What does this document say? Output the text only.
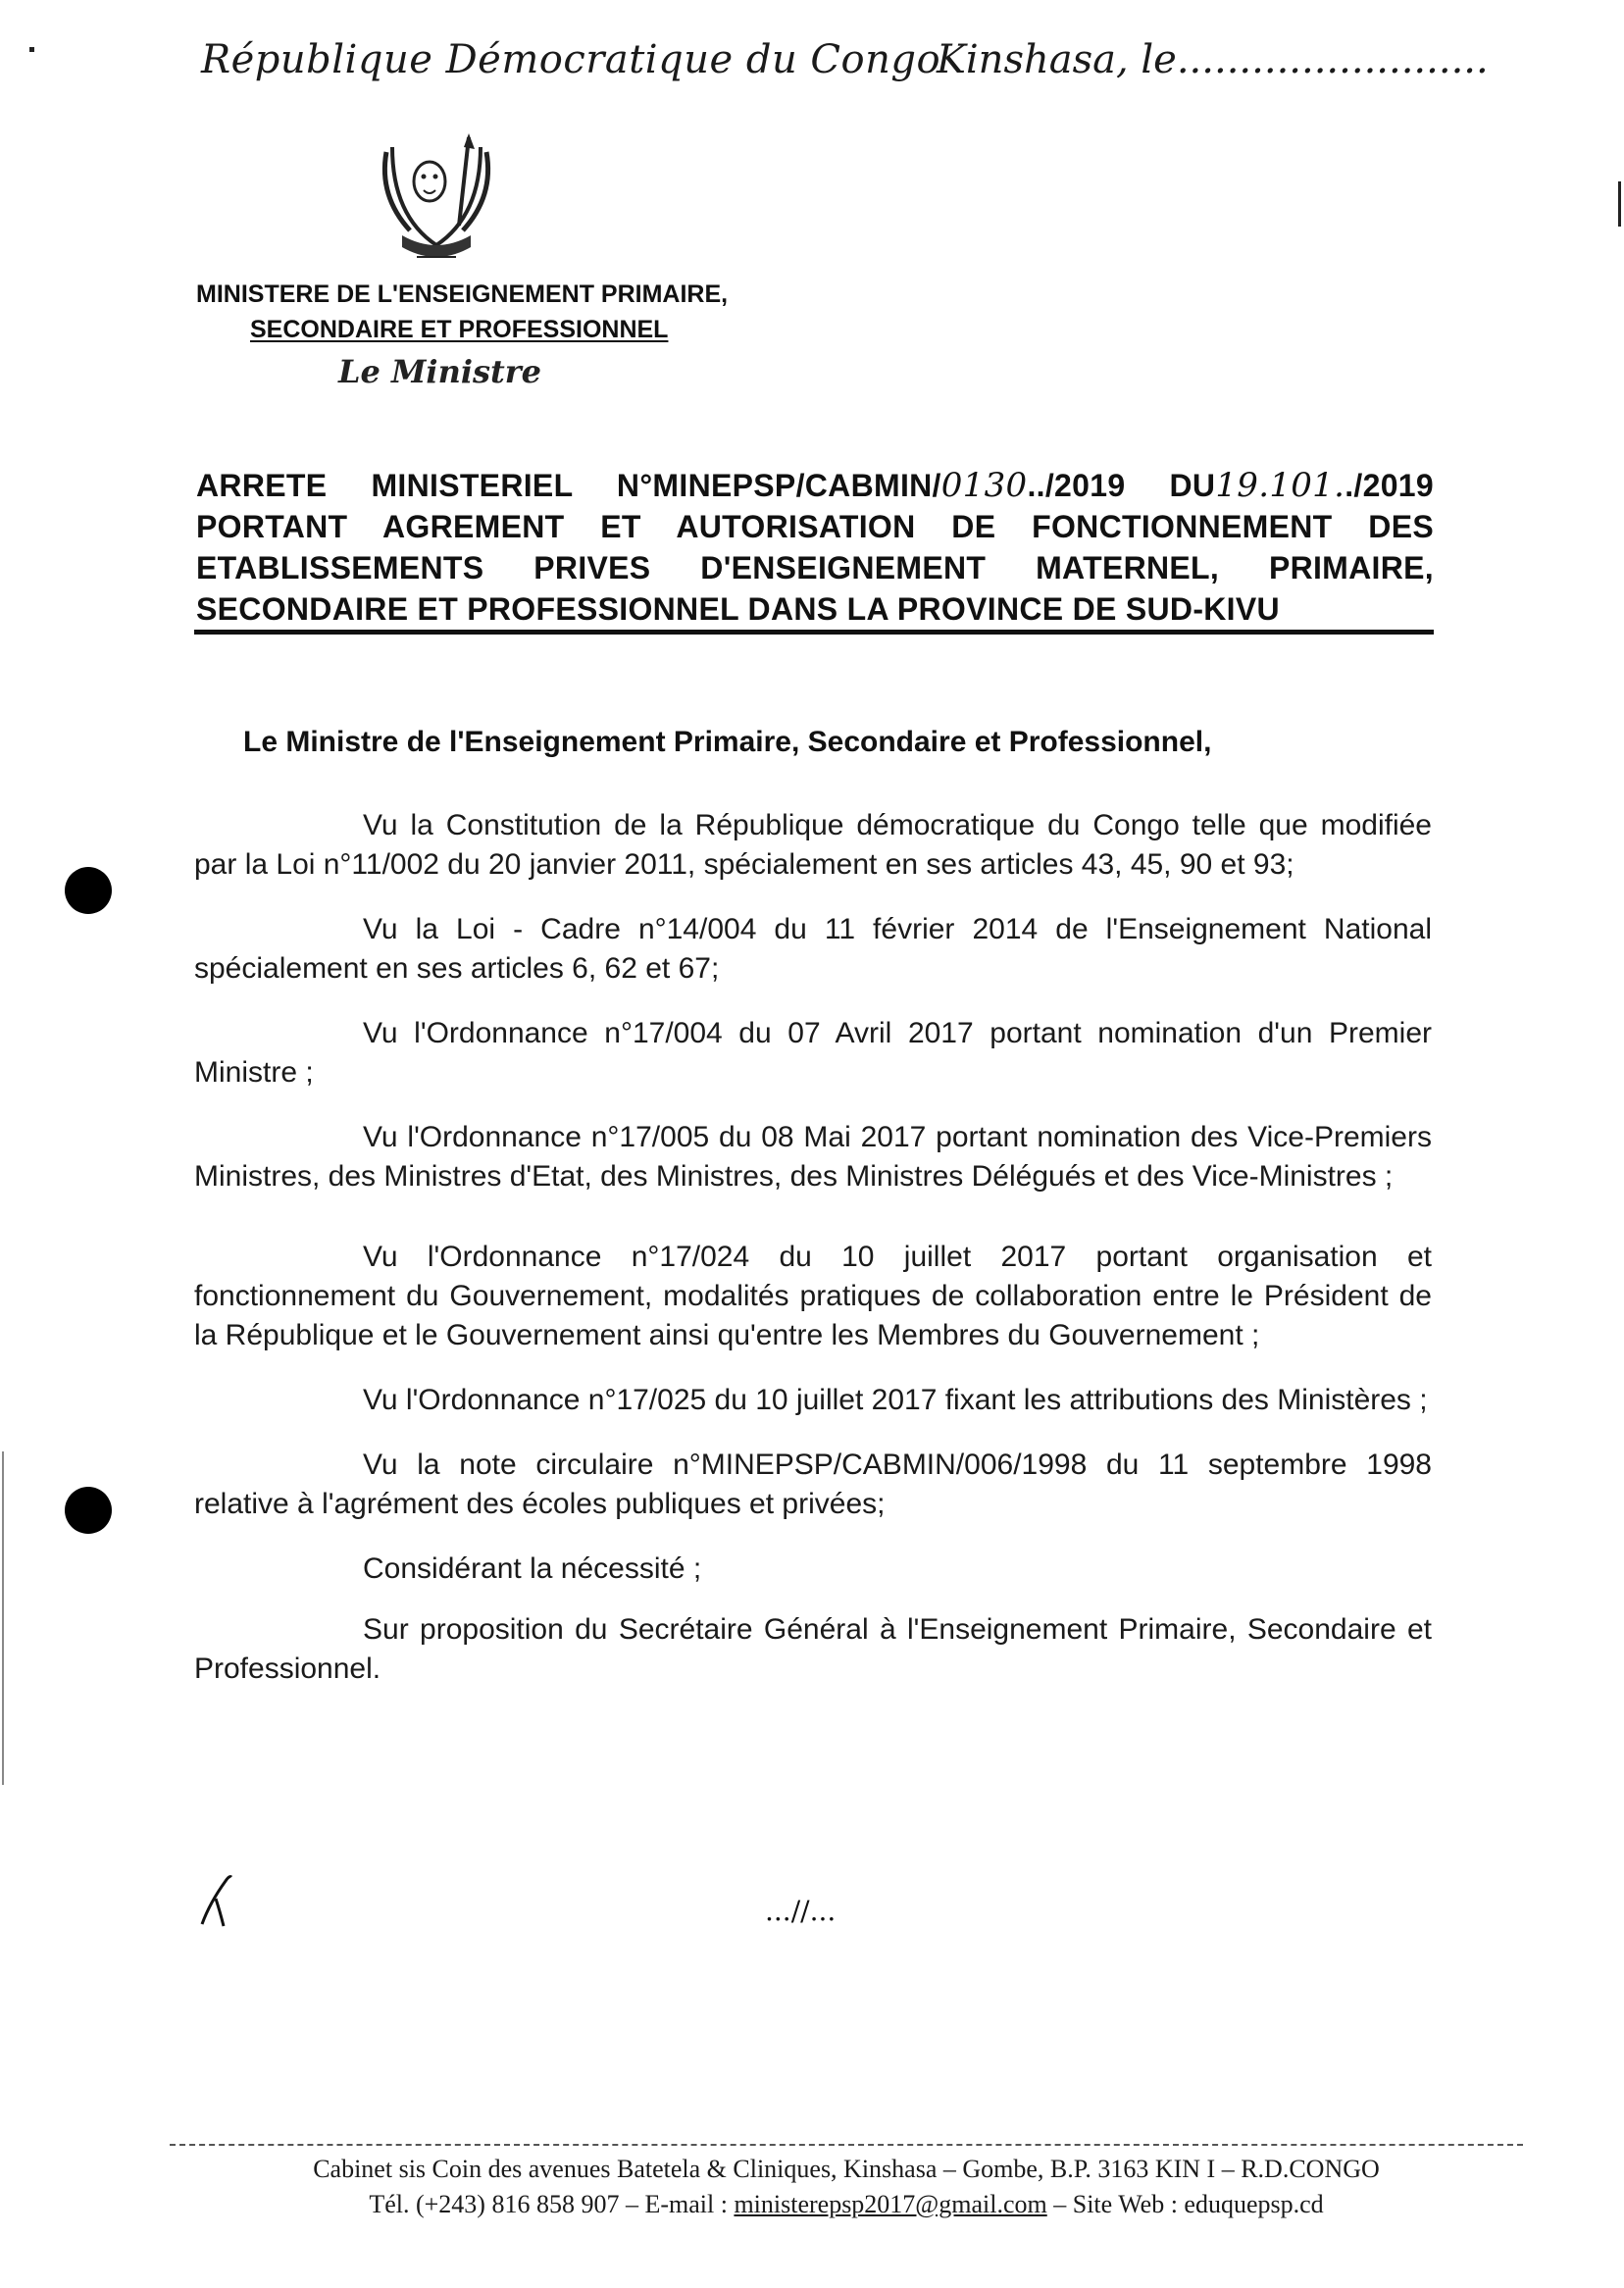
République Démocratique du Congo
Kinshasa, le.........................
MINISTERE DE L'ENSEIGNEMENT PRIMAIRE,
SECONDAIRE ET PROFESSIONNEL
Le Ministre
ARRETE MINISTERIEL N°MINEPSP/CABMIN/0130../2019 DU19.101../2019
PORTANT AGREMENT ET AUTORISATION DE FONCTIONNEMENT DES
ETABLISSEMENTS PRIVES D'ENSEIGNEMENT MATERNEL, PRIMAIRE,
SECONDAIRE ET PROFESSIONNEL DANS LA PROVINCE DE SUD-KIVU
Le Ministre de l'Enseignement Primaire, Secondaire et Professionnel,

Vu la Constitution de la République démocratique du Congo telle que modifiée par la Loi n°11/002 du 20 janvier 2011, spécialement en ses articles 43, 45, 90 et 93;

Vu la Loi - Cadre n°14/004 du 11 février 2014 de l'Enseignement National spécialement en ses articles 6, 62 et 67;

Vu l'Ordonnance n°17/004 du 07 Avril 2017 portant nomination d'un Premier Ministre ;

Vu l'Ordonnance n°17/005 du 08 Mai 2017 portant nomination des Vice-Premiers Ministres, des Ministres d'Etat, des Ministres, des Ministres Délégués et des Vice-Ministres ;

Vu l'Ordonnance n°17/024 du 10 juillet 2017 portant organisation et fonctionnement du Gouvernement, modalités pratiques de collaboration entre le Président de la République et le Gouvernement ainsi qu'entre les Membres du Gouvernement ;

Vu l'Ordonnance n°17/025 du 10 juillet 2017 fixant les attributions des Ministères ;

Vu la note circulaire n°MINEPSP/CABMIN/006/1998 du 11 septembre 1998 relative à l'agrément des écoles publiques et privées;

Considérant la nécessité ;

Sur proposition du Secrétaire Général à l'Enseignement Primaire, Secondaire et Professionnel.

...//...
Cabinet sis Coin des avenues Batetela & Cliniques, Kinshasa – Gombe, B.P. 3163 KIN I – R.D.CONGO
Tél. (+243) 816 858 907 – E-mail : ministerepsp2017@gmail.com – Site Web : eduquepsp.cd
